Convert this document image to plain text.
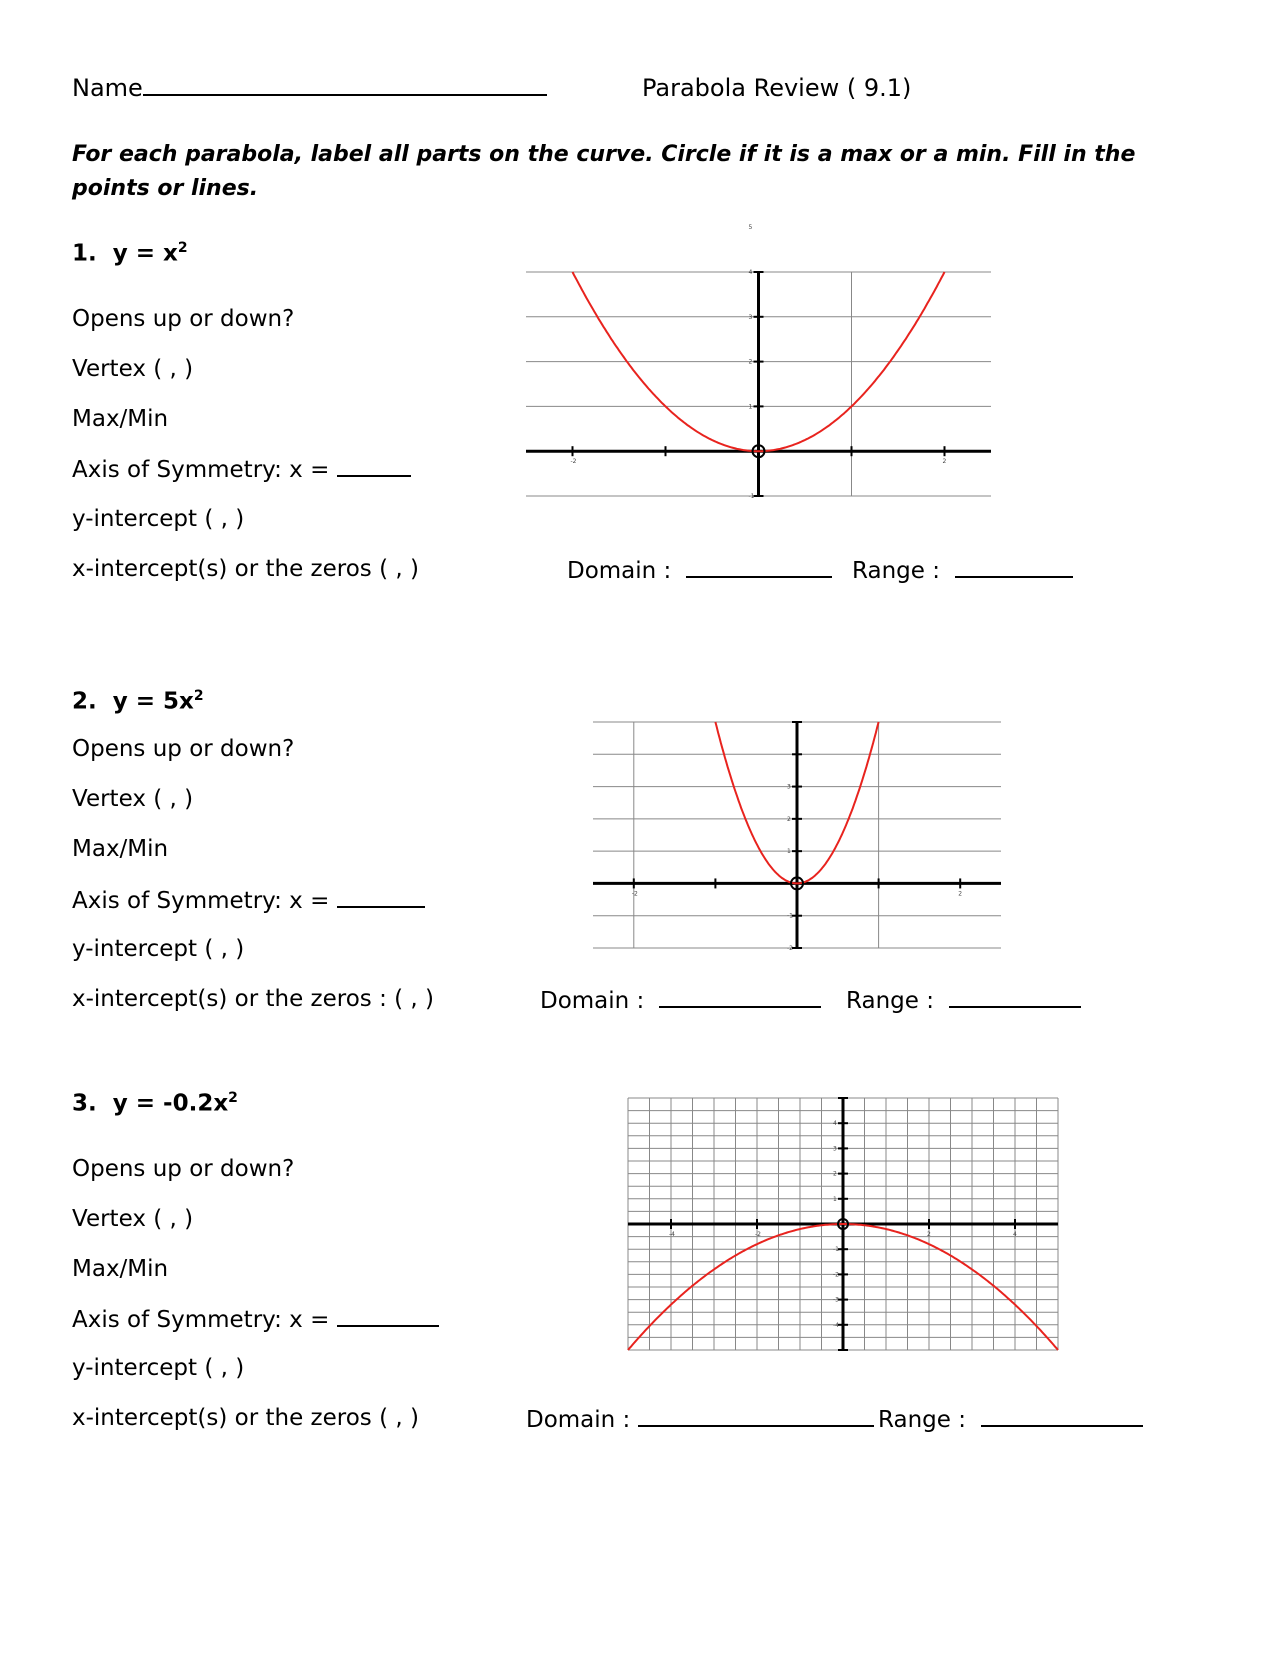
Name	Parabola Review ( 9.1)
For each parabola, label all parts on the curve. Circle if it is a max or a min. Fill in the points or lines.
1. $y = x^2$
Opens up or down?
Vertex ( , )
Max/Min
Axis of Symmetry: x =
y-intercept ( , )
x-intercept(s) or the zeros ( , )	Domain :	Range :
-2	2
1
2
3
4
5
-1
2. $y = 5x^2$
Opens up or down?
Vertex ( , )
Max/Min
Axis of Symmetry: x =
y-intercept ( , )
x-intercept(s) or the zeros : ( , )	Domain :	Range :
-2	2
1
2
3
-1
-2
3. $y = -0.2x^2$
Opens up or down?
Vertex ( , )
Max/Min
Axis of Symmetry: x =
y-intercept ( , )
x-intercept(s) or the zeros ( , )	Domain :	Range :
-4	-2	2	4
4
3
2
1
-1
-2
-3
-4
